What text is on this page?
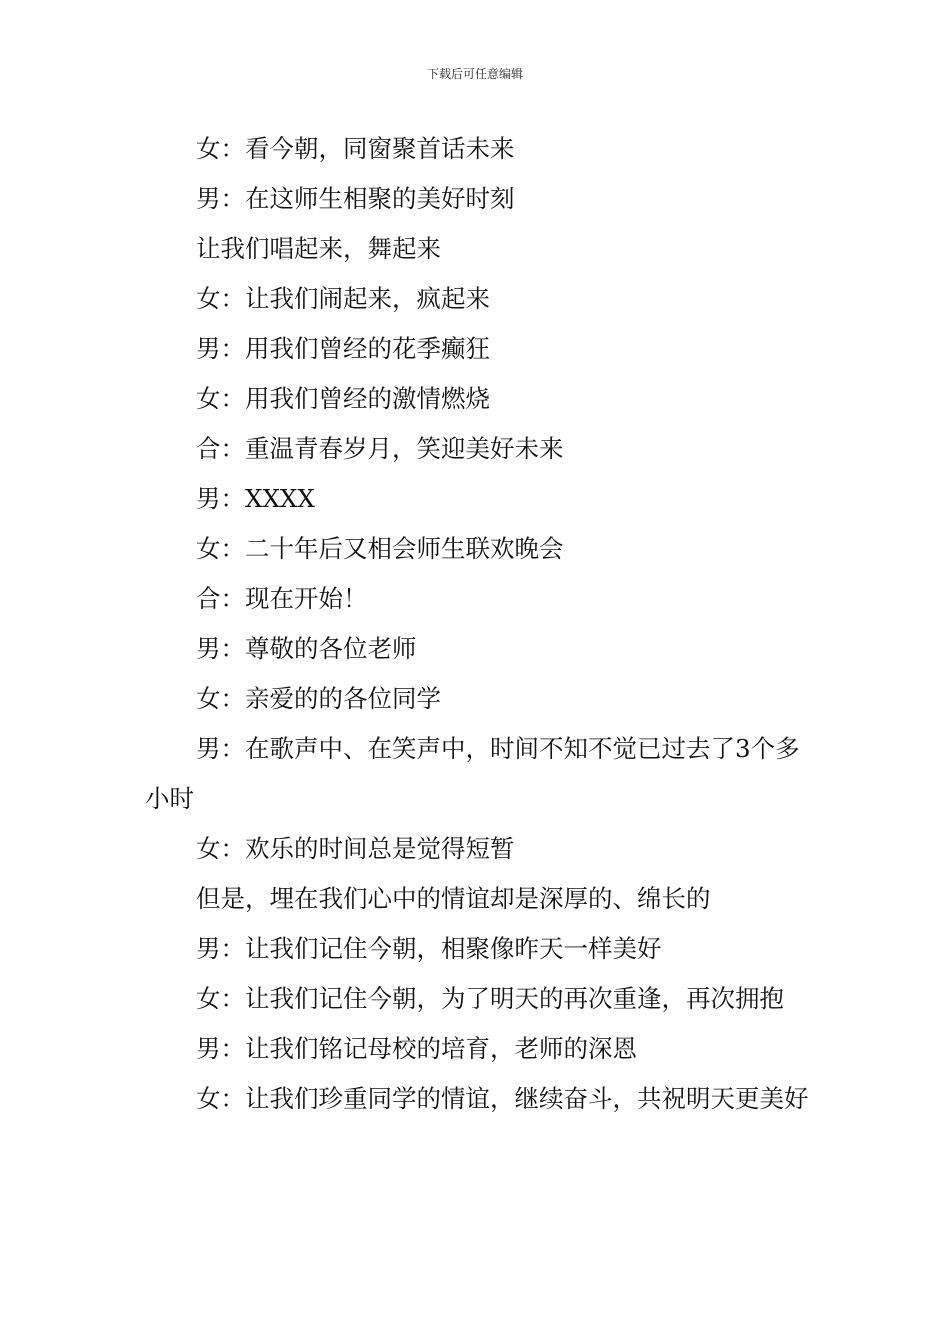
下载后可任意编辑

女：看今朝，同窗聚首话未来

男：在这师生相聚的美好时刻

让我们唱起来，舞起来

女：让我们闹起来，疯起来

男：用我们曾经的花季癫狂

女：用我们曾经的激情燃烧

合：重温青春岁月，笑迎美好未来

男：XXXX

女：二十年后又相会师生联欢晚会

合：现在开始！

男：尊敬的各位老师

女：亲爱的的各位同学

男：在歌声中、在笑声中，时间不知不觉已过去了3个多小时

女：欢乐的时间总是觉得短暂

但是，埋在我们心中的情谊却是深厚的、绵长的

男：让我们记住今朝，相聚像昨天一样美好

女：让我们记住今朝，为了明天的再次重逢，再次拥抱

男：让我们铭记母校的培育，老师的深恩

女：让我们珍重同学的情谊，继续奋斗，共祝明天更美好
